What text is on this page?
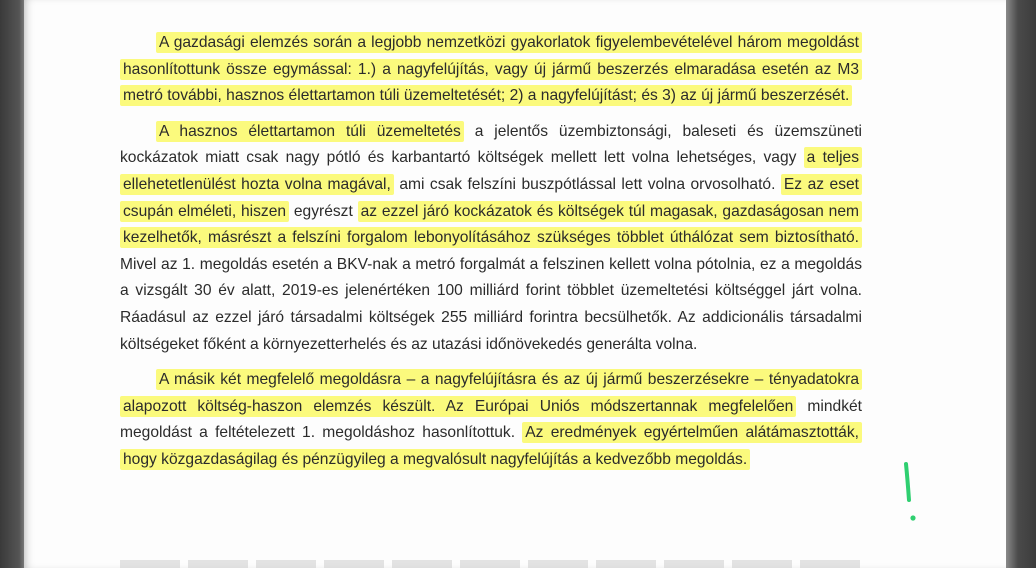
A gazdasági elemzés során a legjobb nemzetközi gyakorlatok figyelembevételével három megoldást hasonlítottunk össze egymással: 1.) a nagyfelújítás, vagy új jármű beszerzés elmaradása esetén az M3 metró további, hasznos élettartamon túli üzemeltetését; 2) a nagyfelújítást; és 3) az új jármű beszerzését.

A hasznos élettartamon túli üzemeltetés a jelentős üzembiztonsági, baleseti és üzemszüneti kockázatok miatt csak nagy pótló és karbantartó költségek mellett lett volna lehetséges, vagy a teljes ellehetetlenülést hozta volna magával, ami csak felszíni buszpótlással lett volna orvosolható. Ez az eset csupán elméleti, hiszen egyrészt az ezzel járó kockázatok és költségek túl magasak, gazdaságosan nem kezelhetők, másrészt a felszíni forgalom lebonyolításához szükséges többlet úthálózat sem biztosítható. Mivel az 1. megoldás esetén a BKV-nak a metró forgalmát a felszinen kellett volna pótolnia, ez a megoldás a vizsgált 30 év alatt, 2019-es jelenértéken 100 milliárd forint többlet üzemeltetési költséggel járt volna. Ráadásul az ezzel járó társadalmi költségek 255 milliárd forintra becsülhetők. Az addicionális társadalmi költségeket főként a környezetterhelés és az utazási időnövekedés generálta volna.

A másik két megfelelő megoldásra – a nagyfelújításra és az új jármű beszerzésekre – tényadatokra alapozott költség-haszon elemzés készült. Az Európai Uniós módszertannak megfelelően mindkét megoldást a feltételezett 1. megoldáshoz hasonlítottuk. Az eredmények egyértelműen alátámasztották, hogy közgazdaságilag és pénzügyileg a megvalósult nagyfelújítás a kedvezőbb megoldás.
